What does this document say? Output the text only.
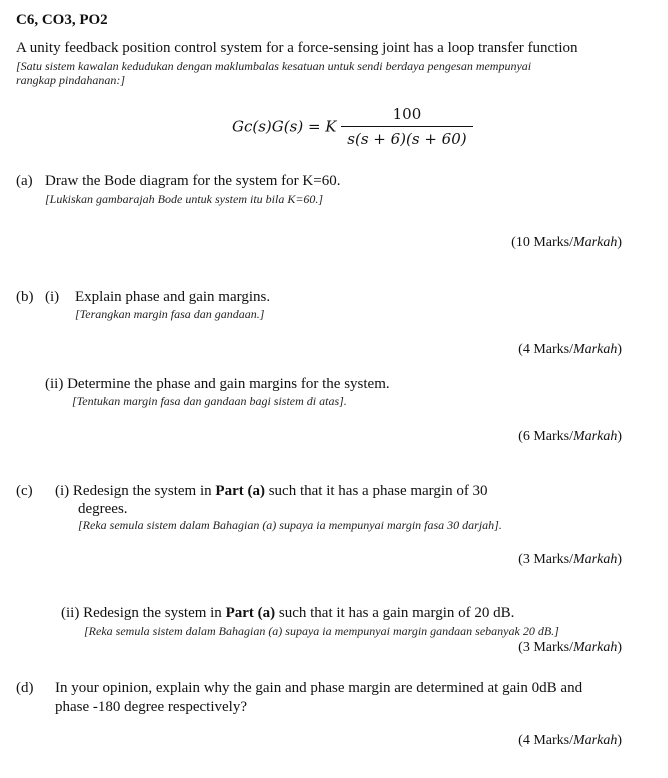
C6, CO3, PO2
A unity feedback position control system for a force-sensing joint has a loop transfer function
[Satu sistem kawalan kedudukan dengan maklumbalas kesatuan untuk sendi berdaya pengesan mempunyai
rangkap pindahanan:]
Gc(s)G(s) = K $\frac{100}{s(s + 6)(s + 60)}$
(a) Draw the Bode diagram for the system for K=60.
[Lukiskan gambarajah Bode untuk system itu bila K=60.]
(10 Marks/Markah)
(b) (i) Explain phase and gain margins.
[Terangkan margin fasa dan gandaan.]
(4 Marks/Markah)
(ii) Determine the phase and gain margins for the system.
[Tentukan margin fasa dan gandaan bagi sistem di atas].
(6 Marks/Markah)
(c) (i) Redesign the system in Part (a) such that it has a phase margin of 30
degrees.
[Reka semula sistem dalam Bahagian (a) supaya ia mempunyai margin fasa 30 darjah].
(3 Marks/Markah)
(ii) Redesign the system in Part (a) such that it has a gain margin of 20 dB.
[Reka semula sistem dalam Bahagian (a) supaya ia mempunyai margin gandaan sebanyak 20 dB.]
(3 Marks/Markah)
(d) In your opinion, explain why the gain and phase margin are determined at gain 0dB and
phase -180 degree respectively?
(4 Marks/Markah)
